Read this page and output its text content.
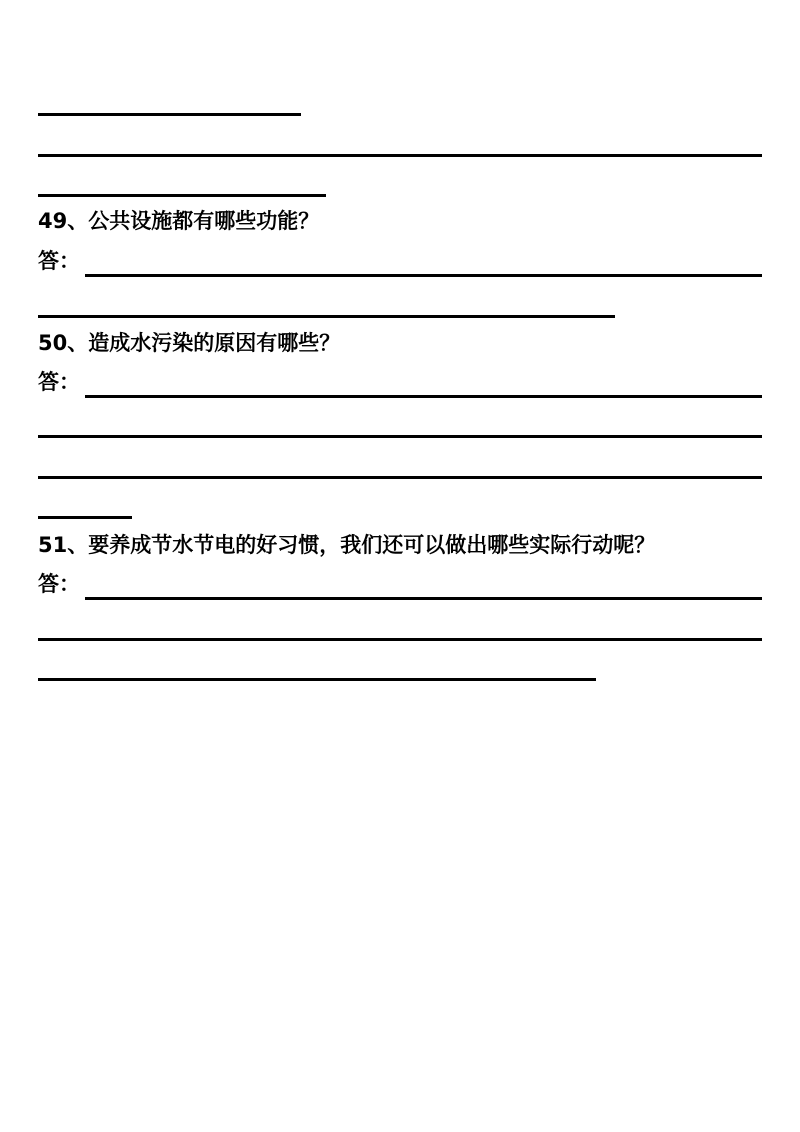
49、公共设施都有哪些功能？
答：
50、造成水污染的原因有哪些？
答：
51、要养成节水节电的好习惯，我们还可以做出哪些实际行动呢？
答：
